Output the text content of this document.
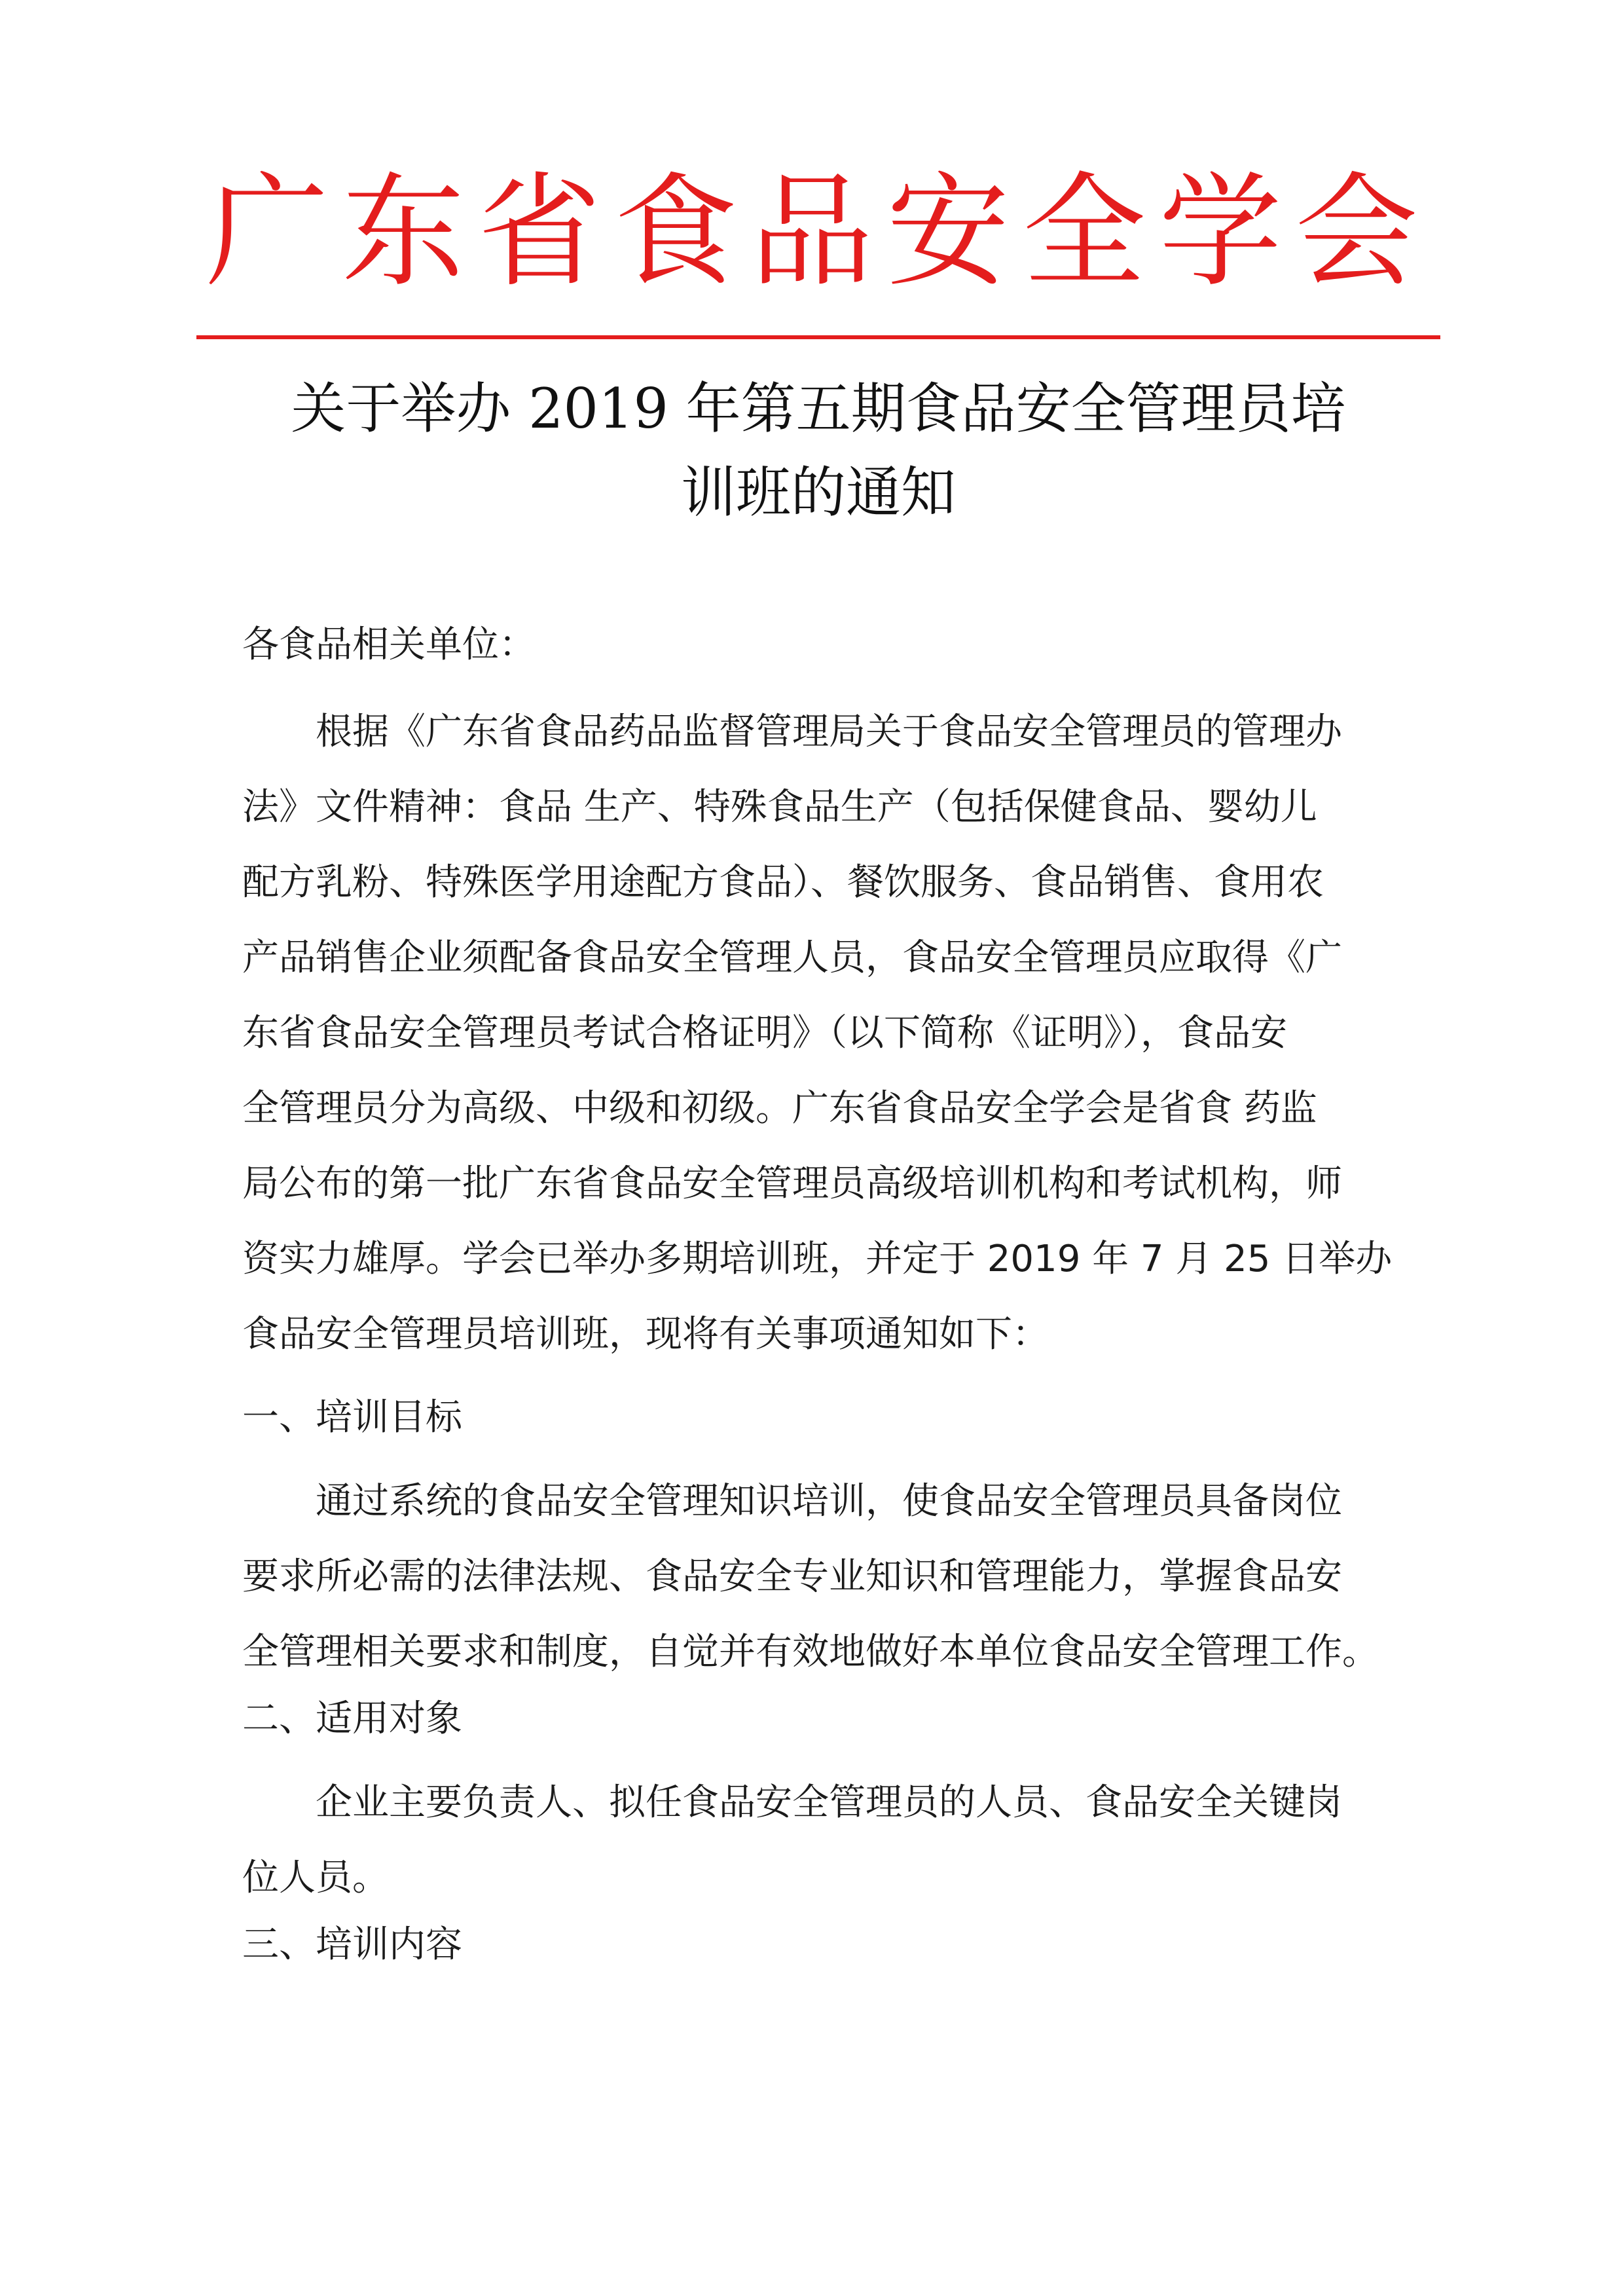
广东省食品安全学会
关于举办 2019 年第五期食品安全管理员培
训班的通知
各食品相关单位：
根据《广东省食品药品监督管理局关于食品安全管理员的管理办
法》文件精神：食品 生产、特殊食品生产（包括保健食品、婴幼儿
配方乳粉、特殊医学用途配方食品）、餐饮服务、食品销售、食用农
产品销售企业须配备食品安全管理人员，食品安全管理员应取得《广
东省食品安全管理员考试合格证明》（以下简称《证明》），食品安
全管理员分为高级、中级和初级。广东省食品安全学会是省食 药监
局公布的第一批广东省食品安全管理员高级培训机构和考试机构，师
资实力雄厚。学会已举办多期培训班，并定于 2019 年 7 月 25 日举办
食品安全管理员培训班，现将有关事项通知如下：
一、培训目标
通过系统的食品安全管理知识培训，使食品安全管理员具备岗位
要求所必需的法律法规、食品安全专业知识和管理能力，掌握食品安
全管理相关要求和制度，自觉并有效地做好本单位食品安全管理工作。
二、适用对象
企业主要负责人、拟任食品安全管理员的人员、食品安全关键岗
位人员。
三、培训内容
